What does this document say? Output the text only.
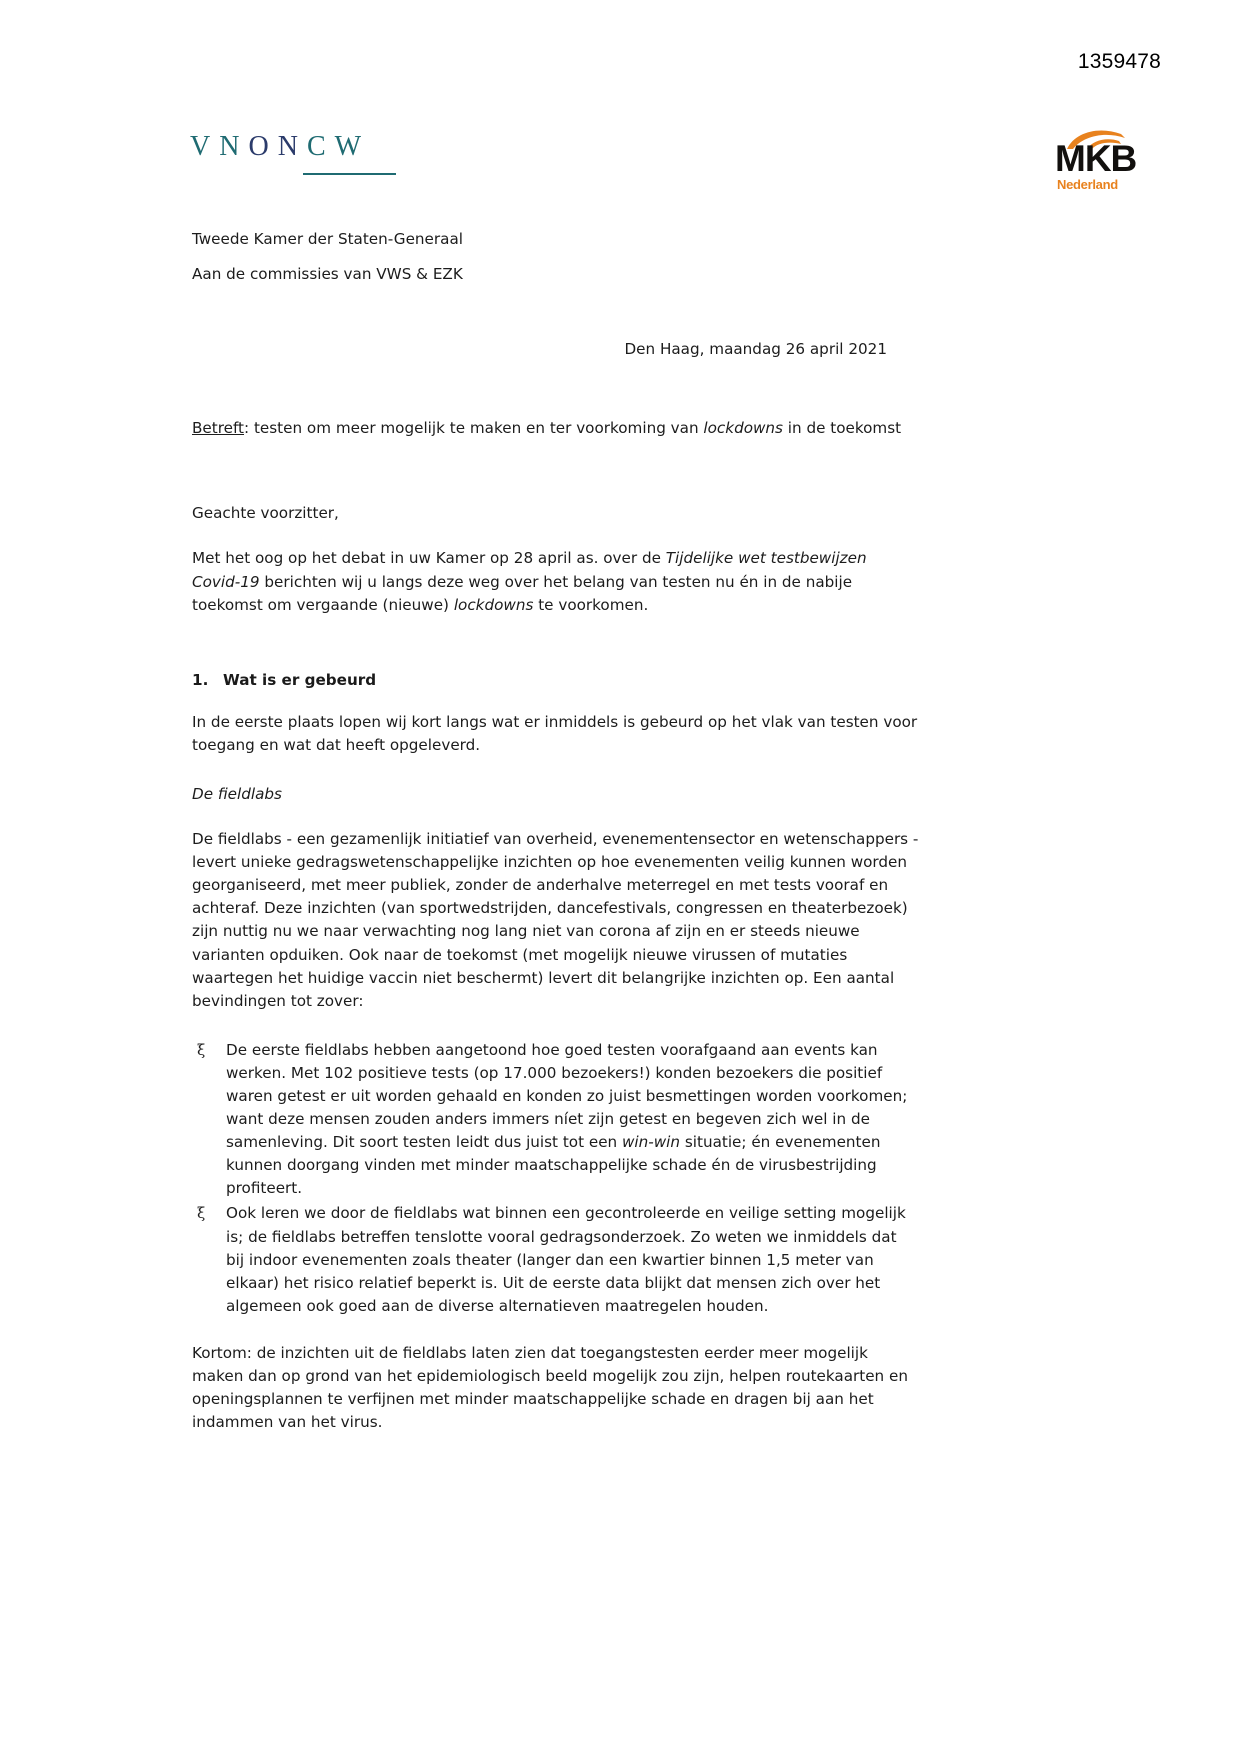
1359478
VNONCW	MKB
Nederland
Tweede Kamer der Staten-Generaal
Aan de commissies van VWS & EZK
Den Haag, maandag 26 april 2021
Betreft: testen om meer mogelijk te maken en ter voorkoming van lockdowns in de toekomst
Geachte voorzitter,
Met het oog op het debat in uw Kamer op 28 april as. over de Tijdelijke wet testbewijzen Covid-19 berichten wij u langs deze weg over het belang van testen nu én in de nabije toekomst om vergaande (nieuwe) lockdowns te voorkomen.
1. Wat is er gebeurd
In de eerste plaats lopen wij kort langs wat er inmiddels is gebeurd op het vlak van testen voor toegang en wat dat heeft opgeleverd.
De fieldlabs
De fieldlabs - een gezamenlijk initiatief van overheid, evenementensector en wetenschappers - levert unieke gedragswetenschappelijke inzichten op hoe evenementen veilig kunnen worden georganiseerd, met meer publiek, zonder de anderhalve meterregel en met tests vooraf en achteraf. Deze inzichten (van sportwedstrijden, dancefestivals, congressen en theaterbezoek) zijn nuttig nu we naar verwachting nog lang niet van corona af zijn en er steeds nieuwe varianten opduiken. Ook naar de toekomst (met mogelijk nieuwe virussen of mutaties waartegen het huidige vaccin niet beschermt) levert dit belangrijke inzichten op. Een aantal bevindingen tot zover:
ξ	De eerste fieldlabs hebben aangetoond hoe goed testen voorafgaand aan events kan werken. Met 102 positieve tests (op 17.000 bezoekers!) konden bezoekers die positief waren getest er uit worden gehaald en konden zo juist besmettingen worden voorkomen; want deze mensen zouden anders immers níet zijn getest en begeven zich wel in de samenleving. Dit soort testen leidt dus juist tot een win-win situatie; én evenementen kunnen doorgang vinden met minder maatschappelijke schade én de virusbestrijding profiteert.
ξ	Ook leren we door de fieldlabs wat binnen een gecontroleerde en veilige setting mogelijk is; de fieldlabs betreffen tenslotte vooral gedragsonderzoek. Zo weten we inmiddels dat bij indoor evenementen zoals theater (langer dan een kwartier binnen 1,5 meter van elkaar) het risico relatief beperkt is. Uit de eerste data blijkt dat mensen zich over het algemeen ook goed aan de diverse alternatieven maatregelen houden.
Kortom: de inzichten uit de fieldlabs laten zien dat toegangstesten eerder meer mogelijk maken dan op grond van het epidemiologisch beeld mogelijk zou zijn, helpen routekaarten en openingsplannen te verfijnen met minder maatschappelijke schade en dragen bij aan het indammen van het virus.
